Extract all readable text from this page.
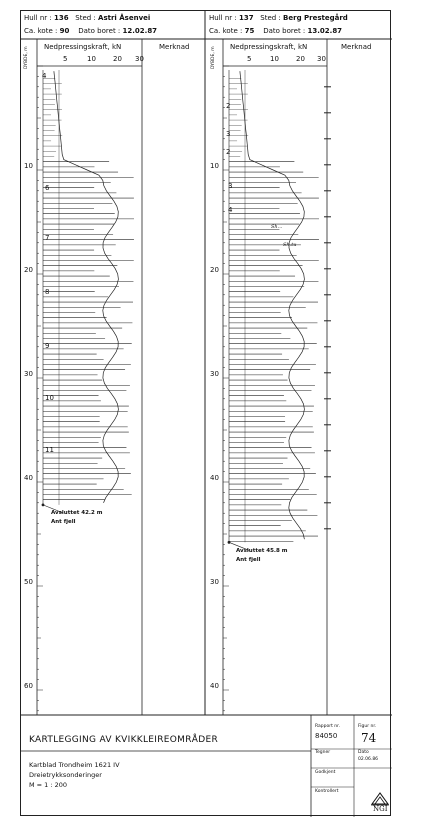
Hull nr : 136 Sted : Astri Åsenvei
Ca. kote : 90 Dato boret : 12.02.87
Hull nr : 137 Sted : Berg Prestegård
Ca. kote : 75 Dato boret : 13.02.87
DYBDE, m Nedpressingskraft, kN	Merknad	DYBDE, m Nedpressingskraft, kN	Merknad
5	10 20 30	5	10 20 30
10
20
30
40
50
60
10
20
30
40
30
40
4
6
7
8
9
10
11
2
3
2
3
4
Sh...
Sh.tu
Avsluttet 42.2 m
Ant fjell
Avsluttet 45.8 m
Ant fjell
KARTLEGGING AV KVIKKLEIREOMRÅDER
Rapport nr.
84050
Figur nr.
74
Kartblad Trondheim 1621 IV
Dreietrykksonderinger
M = 1 : 200
Tegner	Dato
02.06.86
Godkjent
Kontrollert
NGI
